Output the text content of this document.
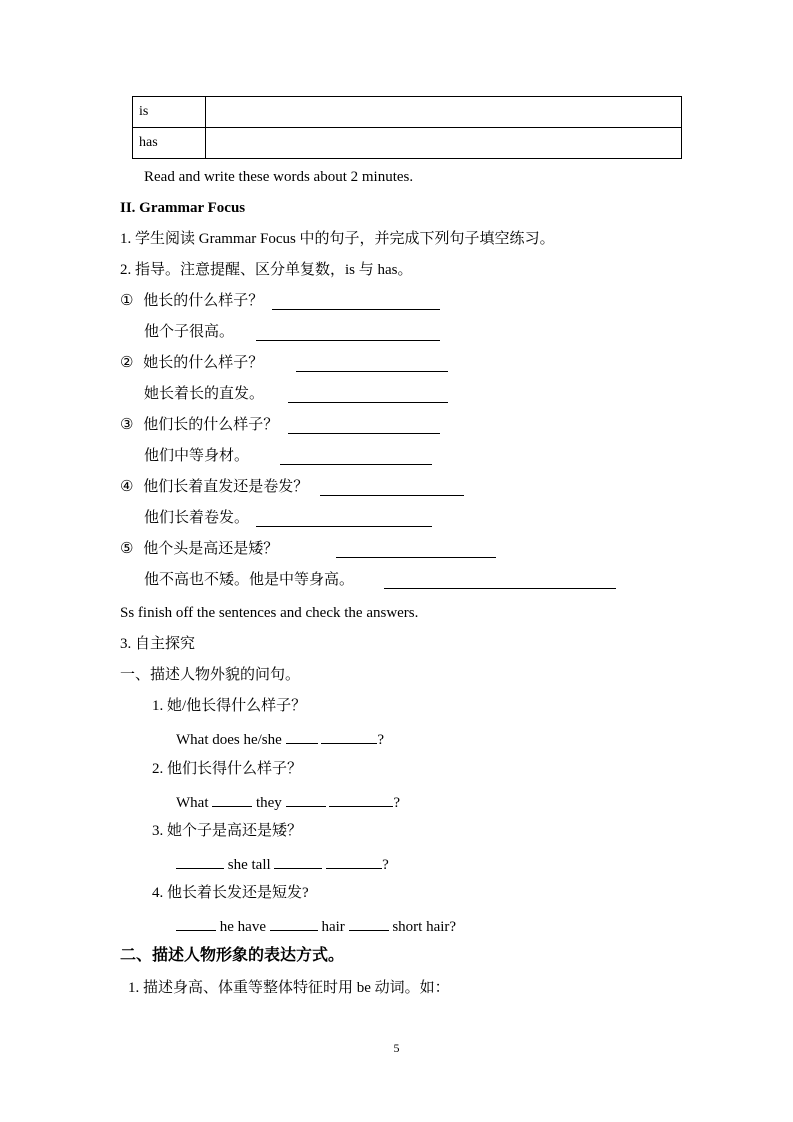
is	
has	
Read and write these words about 2 minutes.
II. Grammar Focus
1. 学生阅读 Grammar Focus 中的句子，并完成下列句子填空练习。
2. 指导。注意提醒、区分单复数，is 与 has。
① 他长的什么样子？
他个子很高。
② 她长的什么样子？
她长着长的直发。
③ 他们长的什么样子？
他们中等身材。
④ 他们长着直发还是卷发？
他们长着卷发。
⑤ 他个头是高还是矮？
他不高也不矮。他是中等身高。
Ss finish off the sentences and check the answers.
3. 自主探究
一、描述人物外貌的问句。
1. 她/他长得什么样子？
What does he/she	?
2. 他们长得什么样子？
What	they	?
3. 她个子是高还是矮？
she tall	?
4. 他长着长发还是短发?
he have	hair	short hair?
二、描述人物形象的表达方式。
1. 描述身高、体重等整体特征时用 be 动词。如：
5
